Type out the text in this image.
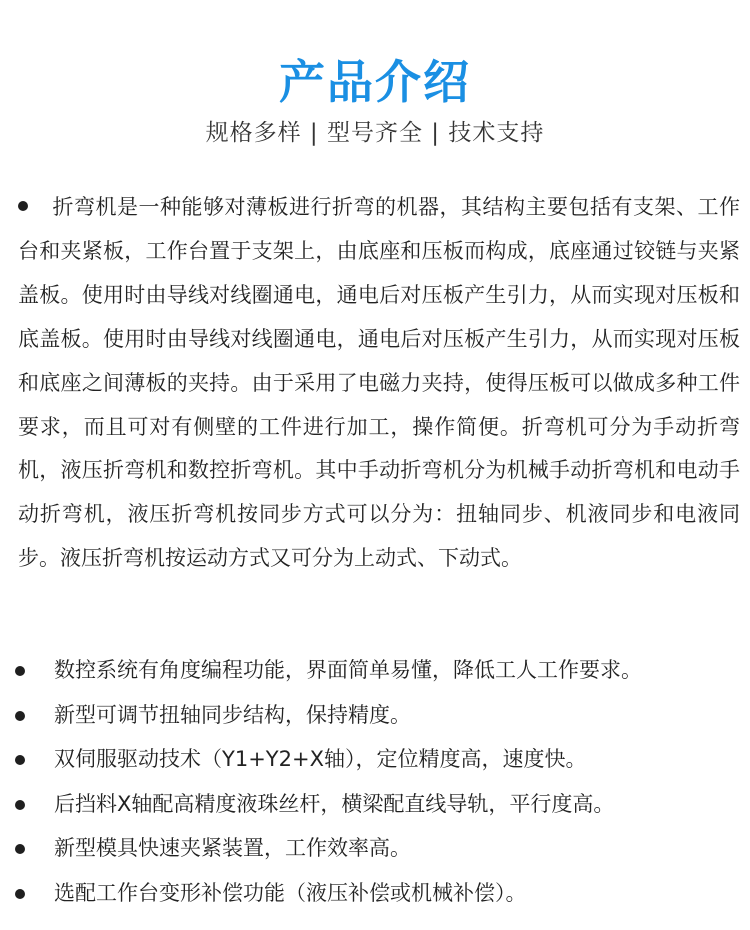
产品介绍
规格多样 | 型号齐全 | 技术支持
折弯机是一种能够对薄板进行折弯的机器，其结构主要包括有支架、工作台和夹紧板，工作台置于支架上，由底座和压板而构成，底座通过铰链与夹紧盖板。使用时由导线对线圈通电，通电后对压板产生引力，从而实现对压板和底盖板。使用时由导线对线圈通电，通电后对压板产生引力，从而实现对压板和底座之间薄板的夹持。由于采用了电磁力夹持，使得压板可以做成多种工件要求，而且可对有侧壁的工件进行加工，操作简便。折弯机可分为手动折弯机，液压折弯机和数控折弯机。其中手动折弯机分为机械手动折弯机和电动手动折弯机，液压折弯机按同步方式可以分为：扭轴同步、机液同步和电液同步。液压折弯机按运动方式又可分为上动式、下动式。
数控系统有角度编程功能，界面简单易懂，降低工人工作要求。
新型可调节扭轴同步结构，保持精度。
双伺服驱动技术（Y1+Y2+X轴），定位精度高，速度快。
后挡料X轴配高精度液珠丝杆，横梁配直线导轨，平行度高。
新型模具快速夹紧装置，工作效率高。
选配工作台变形补偿功能（液压补偿或机械补偿）。
